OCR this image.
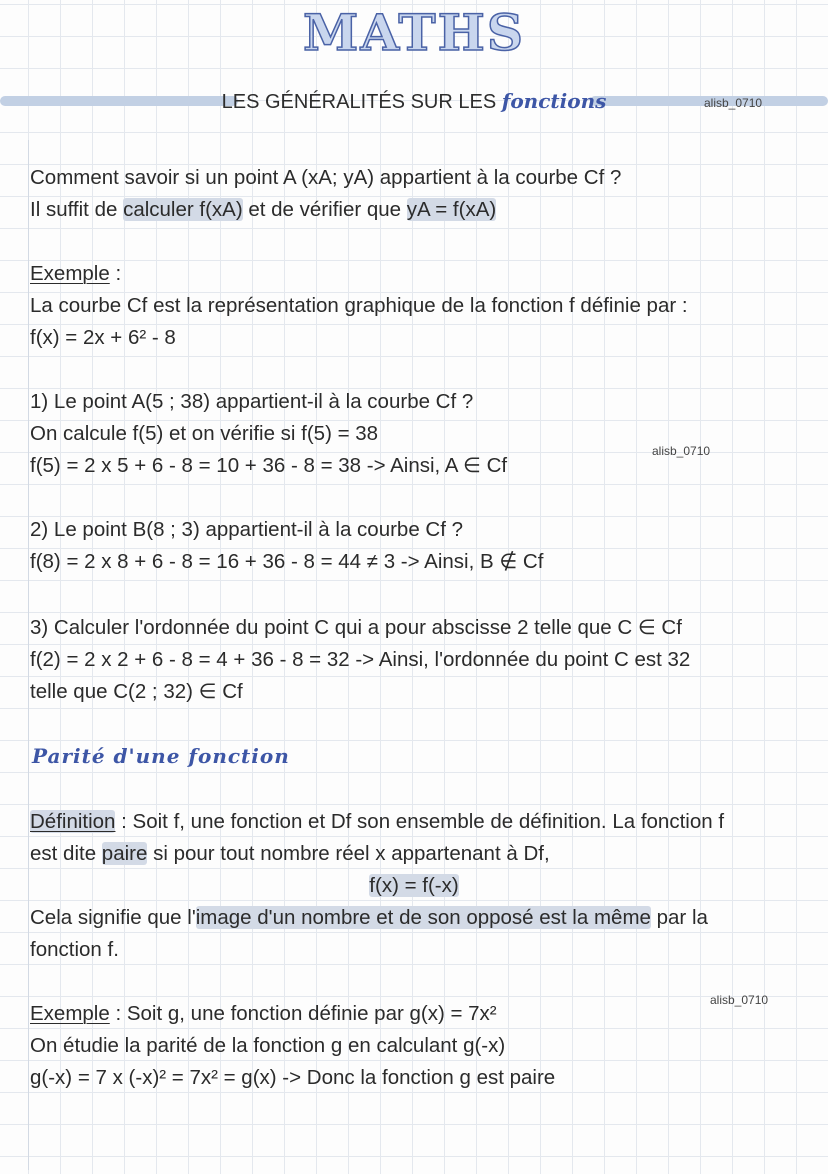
MATHS
LES GÉNÉRALITÉS SUR LES fonctions	alisb_0710
alisb_0710
alisb_0710
Comment savoir si un point A (xA; yA) appartient à la courbe Cf ?
Il suffit de calculer f(xA) et de vérifier que yA = f(xA)
Exemple :
La courbe Cf est la représentation graphique de la fonction f définie par :
f(x) = 2x + 6² - 8
1) Le point A(5 ; 38) appartient-il à la courbe Cf ?
On calcule f(5) et on vérifie si f(5) = 38
f(5) = 2 x 5 + 6 - 8 = 10 + 36 - 8 = 38 -> Ainsi, A ∈ Cf
2) Le point B(8 ; 3) appartient-il à la courbe Cf ?
f(8) = 2 x 8 + 6 - 8 = 16 + 36 - 8 = 44 ≠ 3 -> Ainsi, B ∉ Cf
3) Calculer l'ordonnée du point C qui a pour abscisse 2 telle que C ∈ Cf
f(2) = 2 x 2 + 6 - 8 = 4 + 36 - 8 = 32 -> Ainsi, l'ordonnée du point C est 32
telle que C(2 ; 32) ∈ Cf
Parité d'une fonction
Définition : Soit f, une fonction et Df son ensemble de définition. La fonction f
est dite paire si pour tout nombre réel x appartenant à Df,
f(x) = f(-x)
Cela signifie que l'image d'un nombre et de son opposé est la même par la
fonction f.
Exemple : Soit g, une fonction définie par g(x) = 7x²
On étudie la parité de la fonction g en calculant g(-x)
g(-x) = 7 x (-x)² = 7x² = g(x) -> Donc la fonction g est paire
